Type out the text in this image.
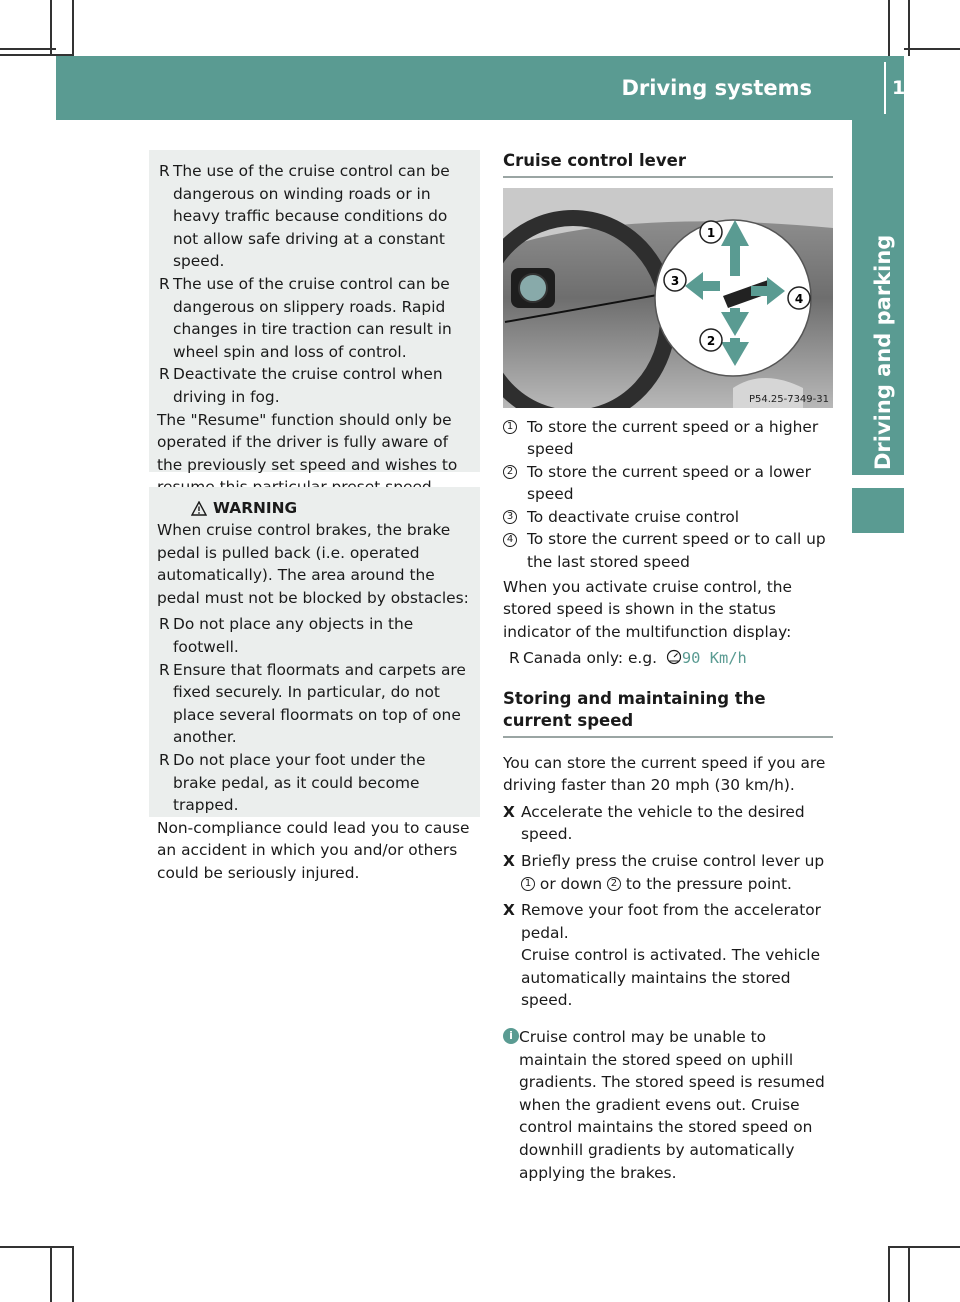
Driving systems	171
Driving and parking
R The use of the cruise control can be dangerous on winding roads or in heavy traffic because conditions do not allow safe driving at a constant speed.
R The use of the cruise control can be dangerous on slippery roads. Rapid changes in tire traction can result in wheel spin and loss of control.
R Deactivate the cruise control when driving in fog.

The "Resume" function should only be operated if the driver is fully aware of the previously set speed and wishes to

WARNING

When cruise control brakes, the brake pedal is pulled back (i.e. operated automatically). The area around the pedal must not be blocked by obstacles:

R Do not place any objects in the footwell.
R Ensure that floormats and carpets are fixed securely. In particular, do not place several floormats on top of one another.
R Do not place your foot under the brake pedal, as it could become trapped.

Non-compliance could lead you to cause an accident in which you and/or others could be seriously injured.

Cruise control lever
1
2
3
4
P54.25-7349-31
1 To store the current speed or a higher speed
2 To store the current speed or a lower speed
3 To deactivate cruise control
4 To store the current speed or to call up the last stored speed

When you activate cruise control, the stored speed is shown in the status indicator of the multifunction display:

R Canada only: e.g. 90 Km/h
Storing and maintaining the current speed

You can store the current speed if you are driving faster than 20 mph (30 km/h).

X Accelerate the vehicle to the desired speed.
X Briefly press the cruise control lever up 1 or down 2 to the pressure point.
X Remove your foot from the accelerator pedal.
Cruise control is activated. The vehicle automatically maintains the stored speed.
i Cruise control may be unable to maintain the stored speed on uphill gradients. The stored speed is resumed when the gradient evens out. Cruise control maintains the stored speed on downhill gradients by automatically applying the brakes.
